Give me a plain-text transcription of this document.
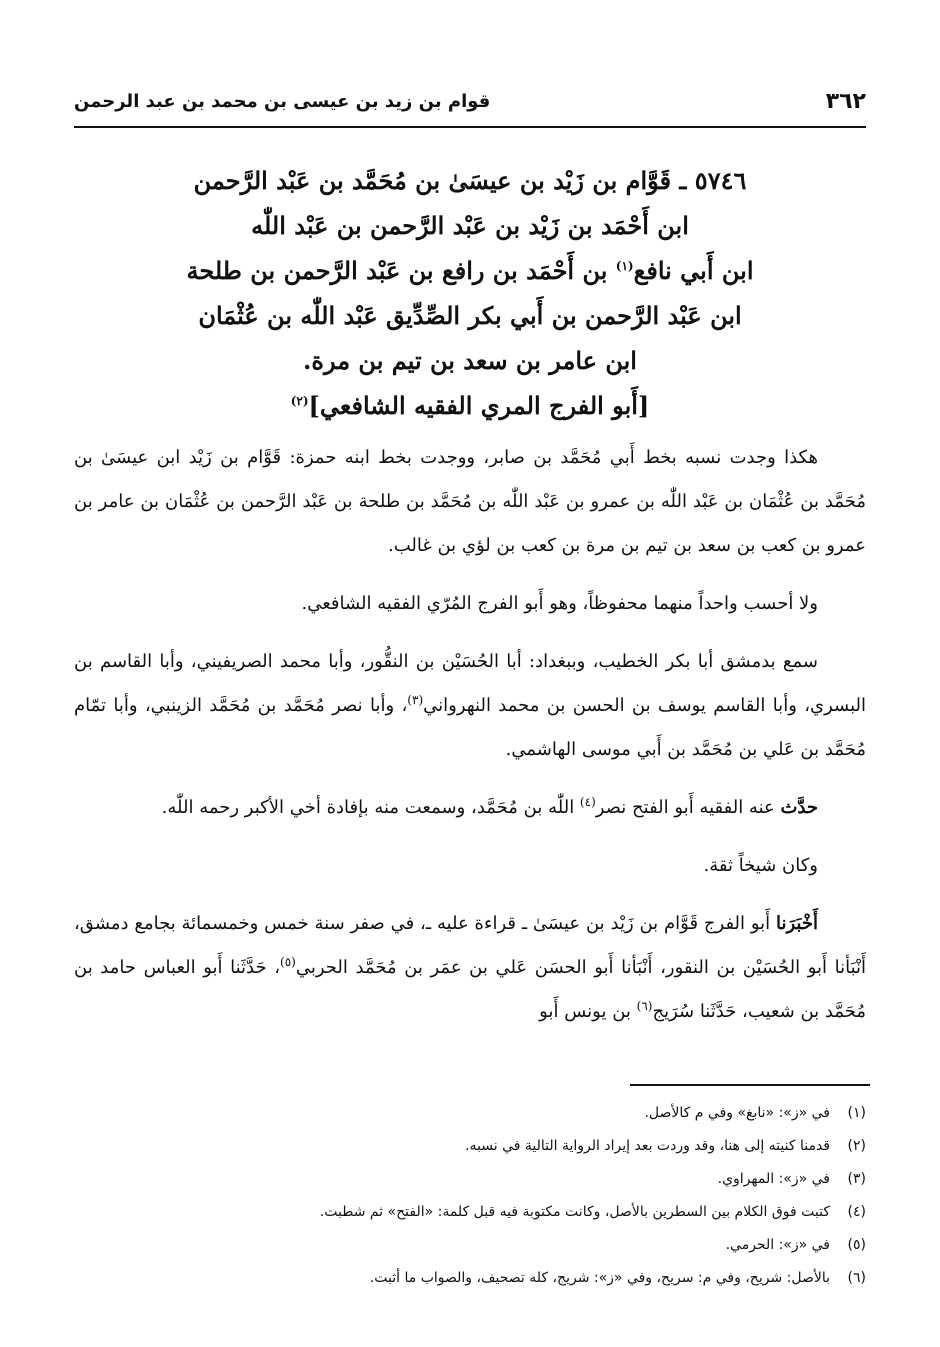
٣٦٢
قوام بن زيد بن عيسى بن محمد بن عبد الرحمن
٥٧٤٦ ـ قَوَّام بن زَيْد بن عيسَىٰ بن مُحَمَّد بن عَبْد الرَّحمن
ابن أَحْمَد بن زَيْد بن عَبْد الرَّحمن بن عَبْد اللّٰه
ابن أَبي نافع$^{(١)}$ بن أَحْمَد بن رافع بن عَبْد الرَّحمن بن طلحة
ابن عَبْد الرَّحمن بن أَبي بكر الصِّدِّيق عَبْد اللّٰه بن عُثْمَان
ابن عامر بن سعد بن تيم بن مرة.
[أَبو الفرج المري الفقيه الشافعي]$^{(٢)}$

هكذا وجدت نسبه بخط أَبي مُحَمَّد بن صابر، ووجدت بخط ابنه حمزة: قَوَّام بن زَيْد ابن عيسَىٰ بن مُحَمَّد بن عُثْمَان بن عَبْد اللّٰه بن عمرو بن عَبْد اللّٰه بن مُحَمَّد بن طلحة بن عَبْد الرَّحمن بن عُثْمَان بن عامر بن عمرو بن كعب بن سعد بن تيم بن مرة بن كعب بن لؤي بن غالب.

ولا أحسب واحداً منهما محفوظاً، وهو أَبو الفرج المُرّي الفقيه الشافعي.

سمع بدمشق أبا بكر الخطيب، وببغداد: أبا الحُسَيْن بن النقُّور، وأبا محمد الصريفيني، وأبا القاسم بن البسري، وأبا القاسم يوسف بن الحسن بن محمد النهرواني$^{(٣)}$، وأبا نصر مُحَمَّد بن مُحَمَّد الزينبي، وأبا تمّام مُحَمَّد بن عَلي بن مُحَمَّد بن أَبي موسى الهاشمي.

حدَّث عنه الفقيه أَبو الفتح نصر$^{(٤)}$ اللّٰه بن مُحَمَّد، وسمعت منه بإفادة أخي الأكبر رحمه اللّٰه.

وكان شيخاً ثقة.

أَخْبَرَنا أَبو الفرج قَوَّام بن زَيْد بن عيسَىٰ ـ قراءة عليه ـ، في صفر سنة خمس وخمسمائة بجامع دمشق، أَنْبَأنا أَبو الحُسَيْن بن النقور، أَنْبَأنا أَبو الحسَن عَلي بن عمَر بن مُحَمَّد الحربي$^{(٥)}$، حَدَّثَنا أَبو العباس حامد بن مُحَمَّد بن شعيب، حَدَّثَنا سُرَيج$^{(٦)}$ بن يونس أَبو

(١)
في «ز»: «نابغ» وفي م كالأصل.
(٢)
قدمنا كنيته إلى هنا، وقد وردت بعد إيراد الرواية التالية في نسبه.
(٣)
في «ز»: المهراوي.
(٤)
كتبت فوق الكلام بين السطرين بالأصل، وكانت مكتوبة فيه قبل كلمة: «الفتح» ثم شطبت.
(٥)
في «ز»: الحرمي.
(٦)
بالأصل: شريح، وفي م: سريح، وفي «ز»: شريج، كله تصحيف، والصواب ما أثبت.
